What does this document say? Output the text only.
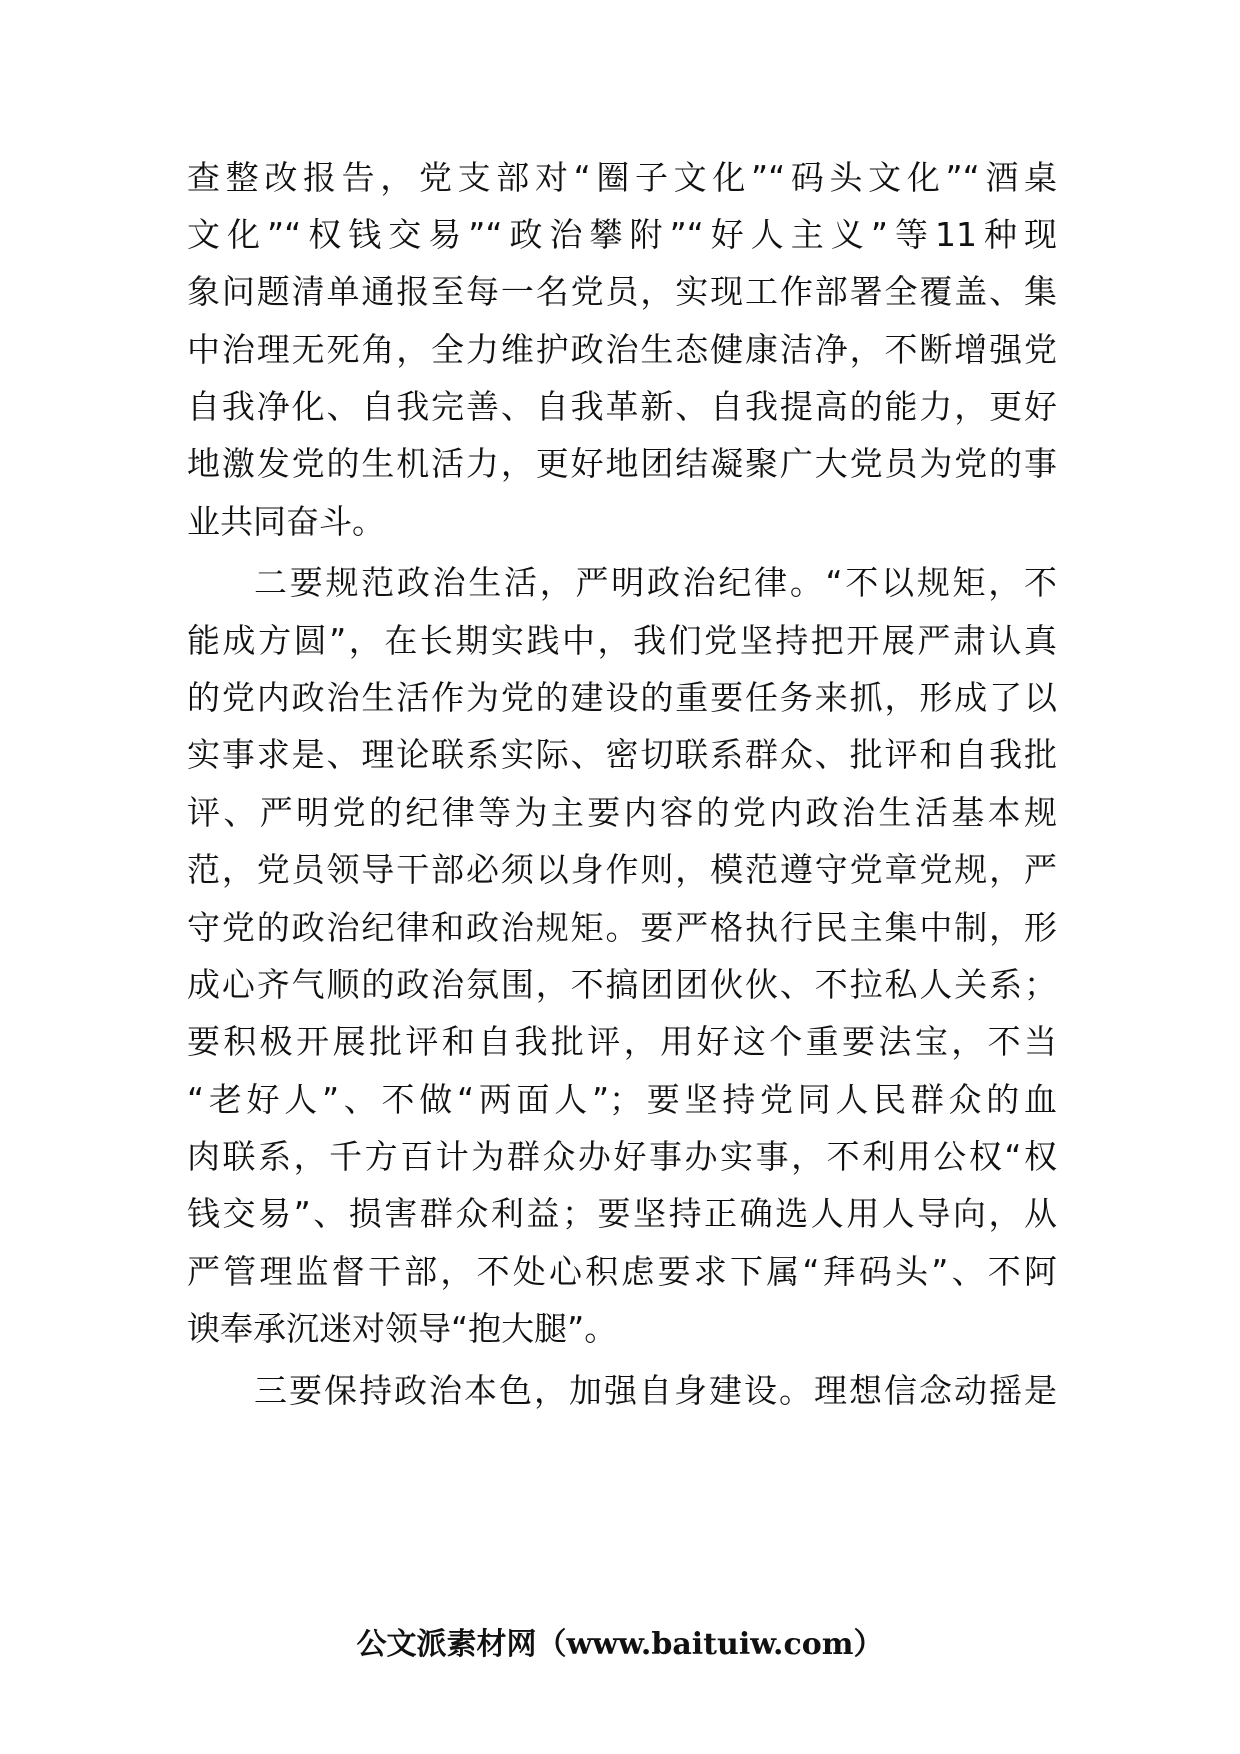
查整改报告，党支部对“圈子文化”“码头文化”“酒桌
文化”“权钱交易”“政治攀附”“好人主义”等11种现
象问题清单通报至每一名党员，实现工作部署全覆盖、集
中治理无死角，全力维护政治生态健康洁净，不断增强党
自我净化、自我完善、自我革新、自我提高的能力，更好
地激发党的生机活力，更好地团结凝聚广大党员为党的事
业共同奋斗。
二要规范政治生活，严明政治纪律。“不以规矩，不
能成方圆”，在长期实践中，我们党坚持把开展严肃认真
的党内政治生活作为党的建设的重要任务来抓，形成了以
实事求是、理论联系实际、密切联系群众、批评和自我批
评、严明党的纪律等为主要内容的党内政治生活基本规
范，党员领导干部必须以身作则，模范遵守党章党规，严
守党的政治纪律和政治规矩。要严格执行民主集中制，形
成心齐气顺的政治氛围，不搞团团伙伙、不拉私人关系；
要积极开展批评和自我批评，用好这个重要法宝，不当
“老好人”、不做“两面人”；要坚持党同人民群众的血
肉联系，千方百计为群众办好事办实事，不利用公权“权
钱交易”、损害群众利益；要坚持正确选人用人导向，从
严管理监督干部，不处心积虑要求下属“拜码头”、不阿
谀奉承沉迷对领导“抱大腿”。
三要保持政治本色，加强自身建设。理想信念动摇是
公文派素材网（www.baituiw.com）
